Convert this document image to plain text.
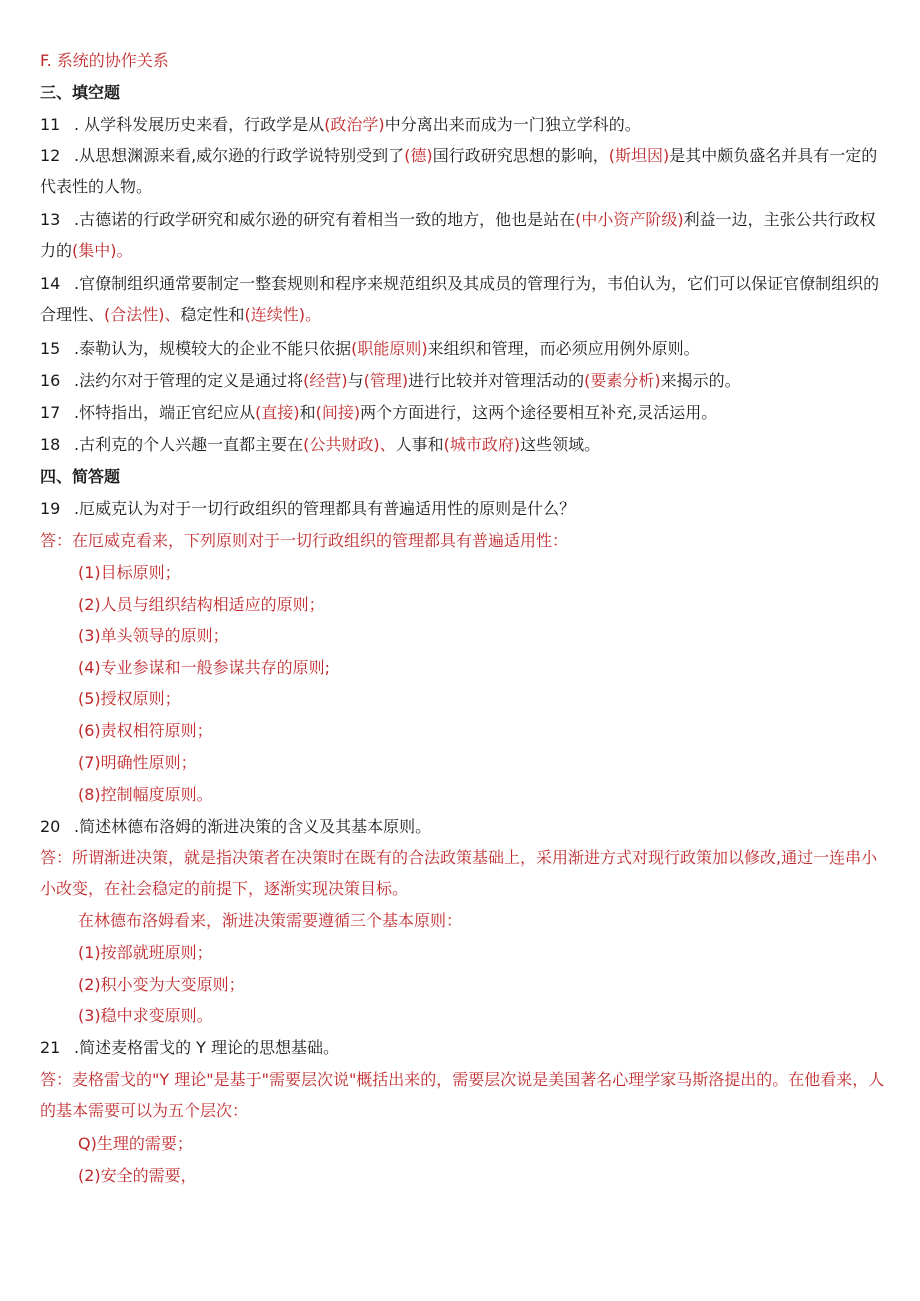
F. 系统的协作关系
三、填空题
11 . 从学科发展历史来看，行政学是从(政治学)中分离出来而成为一门独立学科的。
12 .从思想渊源来看,威尔逊的行政学说特别受到了(德)国行政研究思想的影响，(斯坦因)是其中颇负盛名并具有一定的代表性的人物。
13 .古德诺的行政学研究和威尔逊的研究有着相当一致的地方，他也是站在(中小资产阶级)利益一边，主张公共行政权力的(集中)。
14 .官僚制组织通常要制定一整套规则和程序来规范组织及其成员的管理行为，韦伯认为，它们可以保证官僚制组织的合理性、(合法性)、稳定性和(连续性)。
15 .泰勒认为，规模较大的企业不能只依据(职能原则)来组织和管理，而必须应用例外原则。
16 .法约尔对于管理的定义是通过将(经营)与(管理)进行比较并对管理活动的(要素分析)来揭示的。
17 .怀特指出，端正官纪应从(直接)和(间接)两个方面进行，这两个途径要相互补充,灵活运用。
18 .古利克的个人兴趣一直都主要在(公共财政)、人事和(城市政府)这些领域。
四、简答题
19 .厄威克认为对于一切行政组织的管理都具有普遍适用性的原则是什么？
答：在厄威克看来，下列原则对于一切行政组织的管理都具有普遍适用性：
(1)目标原则；
(2)人员与组织结构相适应的原则；
(3)单头领导的原则；
(4)专业参谋和一般参谋共存的原则;
(5)授权原则；
(6)责权相符原则；
(7)明确性原则；
(8)控制幅度原则。
20 .简述林德布洛姆的渐进决策的含义及其基本原则。
答：所谓渐进决策，就是指决策者在决策时在既有的合法政策基础上，采用渐进方式对现行政策加以修改,通过一连串小小改变，在社会稳定的前提下，逐渐实现决策目标。
在林德布洛姆看来，渐进决策需要遵循三个基本原则：
(1)按部就班原则；
(2)积小变为大变原则；
(3)稳中求变原则。
21 .简述麦格雷戈的 Y 理论的思想基础。
答：麦格雷戈的"Y 理论"是基于"需要层次说"概括出来的，需要层次说是美国著名心理学家马斯洛提出的。在他看来，人的基本需要可以为五个层次：
Q)生理的需要；
(2)安全的需要，
